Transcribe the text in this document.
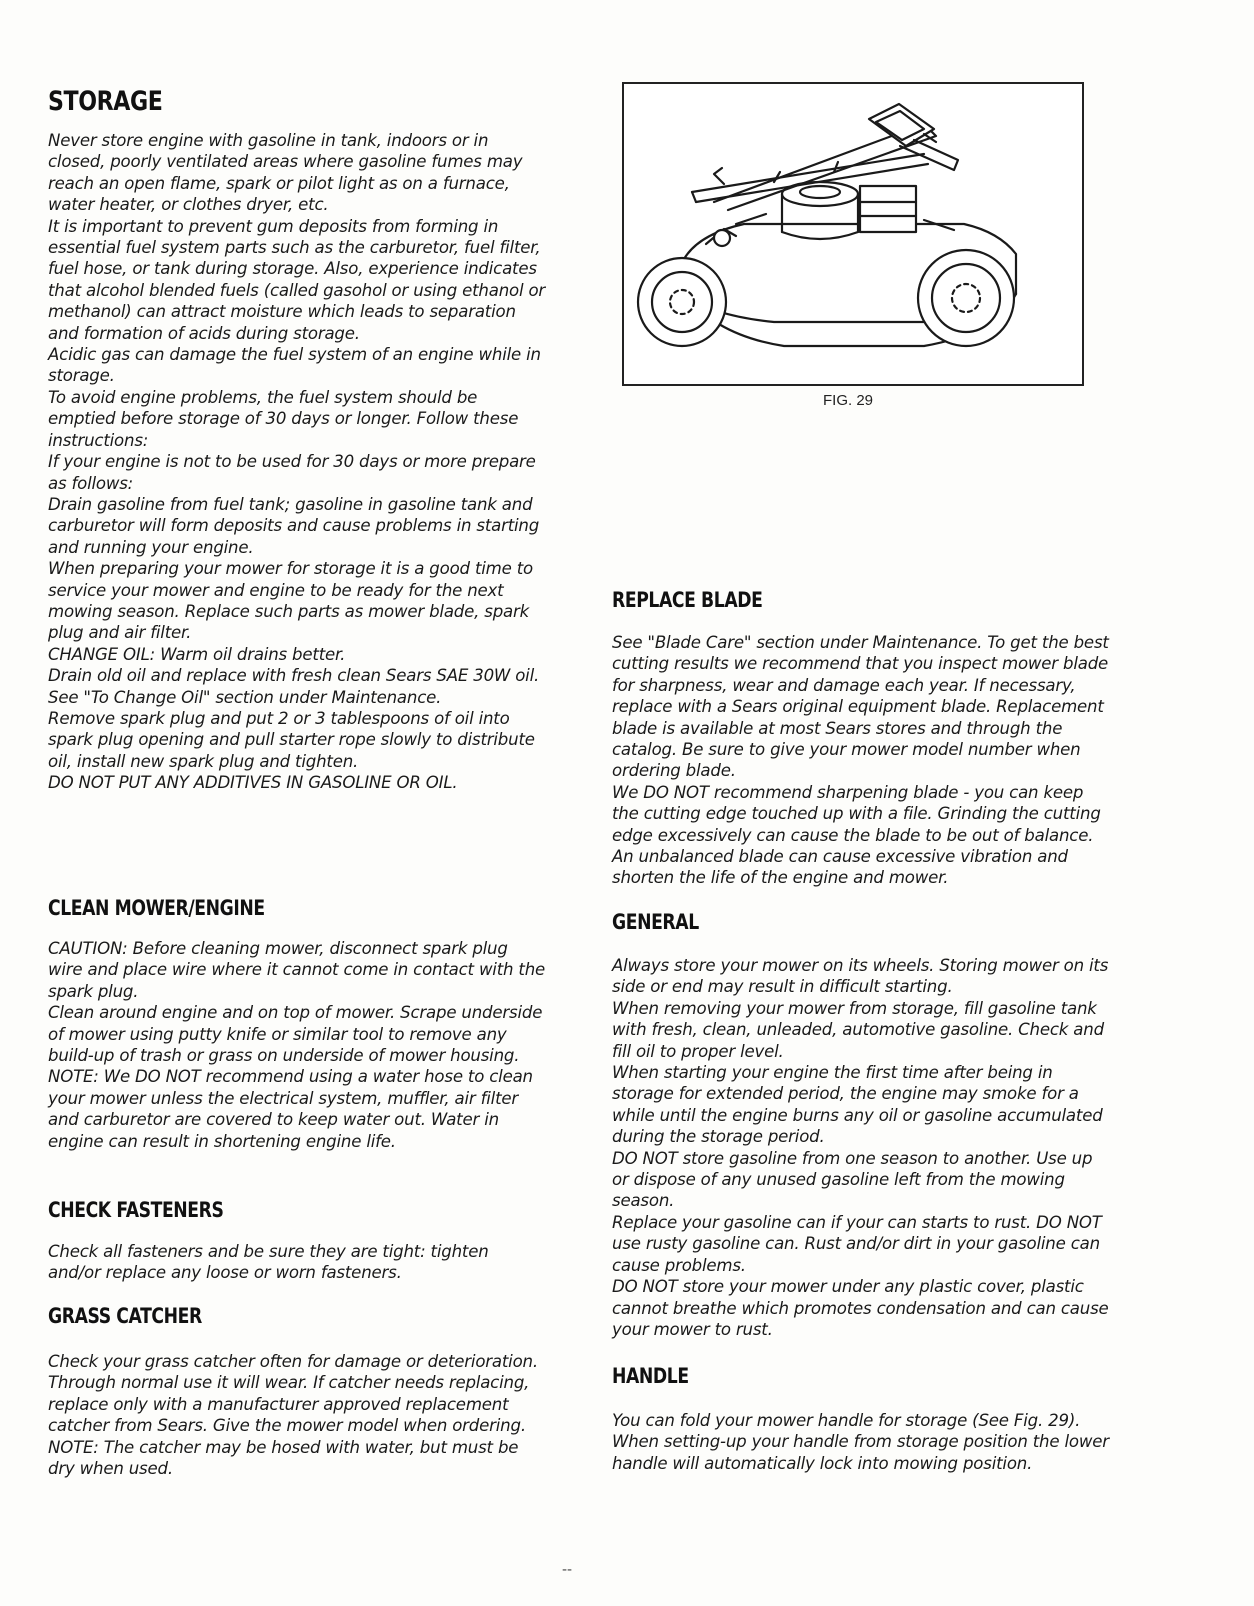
STORAGE

Never store engine with gasoline in tank, indoors or in closed, poorly ventilated areas where gasoline fumes may reach an open flame, spark or pilot light as on a furnace, water heater, or clothes dryer, etc.

It is important to prevent gum deposits from forming in essential fuel system parts such as the carburetor, fuel filter, fuel hose, or tank during storage. Also, experience indicates that alcohol blended fuels (called gasohol or using ethanol or methanol) can attract moisture which leads to separation and formation of acids during storage.

Acidic gas can damage the fuel system of an engine while in storage.

To avoid engine problems, the fuel system should be emptied before storage of 30 days or longer. Follow these instructions:

If your engine is not to be used for 30 days or more prepare as follows:

Drain gasoline from fuel tank; gasoline in gasoline tank and carburetor will form deposits and cause problems in starting and running your engine.

When preparing your mower for storage it is a good time to service your mower and engine to be ready for the next mowing season. Replace such parts as mower blade, spark plug and air filter.

CHANGE OIL: Warm oil drains better.

Drain old oil and replace with fresh clean Sears SAE 30W oil.

See "To Change Oil" section under Maintenance.

Remove spark plug and put 2 or 3 tablespoons of oil into spark plug opening and pull starter rope slowly to distribute oil, install new spark plug and tighten.

DO NOT PUT ANY ADDITIVES IN GASOLINE OR OIL.

CLEAN MOWER/ENGINE

CAUTION: Before cleaning mower, disconnect spark plug wire and place wire where it cannot come in contact with the spark plug.

Clean around engine and on top of mower. Scrape underside of mower using putty knife or similar tool to remove any build-up of trash or grass on underside of mower housing.

NOTE: We DO NOT recommend using a water hose to clean your mower unless the electrical system, muffler, air filter and carburetor are covered to keep water out. Water in engine can result in shortening engine life.

CHECK FASTENERS

Check all fasteners and be sure they are tight: tighten and/or replace any loose or worn fasteners.

GRASS CATCHER

Check your grass catcher often for damage or deterioration. Through normal use it will wear. If catcher needs replacing, replace only with a manufacturer approved replacement catcher from Sears. Give the mower model when ordering.

NOTE: The catcher may be hosed with water, but must be dry when used.

FIG. 29
REPLACE BLADE

See "Blade Care" section under Maintenance. To get the best cutting results we recommend that you inspect mower blade for sharpness, wear and damage each year. If necessary, replace with a Sears original equipment blade. Replacement blade is available at most Sears stores and through the catalog. Be sure to give your mower model number when ordering blade.

We DO NOT recommend sharpening blade - you can keep the cutting edge touched up with a file. Grinding the cutting edge excessively can cause the blade to be out of balance. An unbalanced blade can cause excessive vibration and shorten the life of the engine and mower.

GENERAL

Always store your mower on its wheels. Storing mower on its side or end may result in difficult starting.

When removing your mower from storage, fill gasoline tank with fresh, clean, unleaded, automotive gasoline. Check and fill oil to proper level.

When starting your engine the first time after being in storage for extended period, the engine may smoke for a while until the engine burns any oil or gasoline accumulated during the storage period.

DO NOT store gasoline from one season to another. Use up or dispose of any unused gasoline left from the mowing season.

Replace your gasoline can if your can starts to rust. DO NOT use rusty gasoline can. Rust and/or dirt in your gasoline can cause problems.

DO NOT store your mower under any plastic cover, plastic cannot breathe which promotes condensation and can cause your mower to rust.

HANDLE

You can fold your mower handle for storage (See Fig. 29).

When setting-up your handle from storage position the lower handle will automatically lock into mowing position.

--
